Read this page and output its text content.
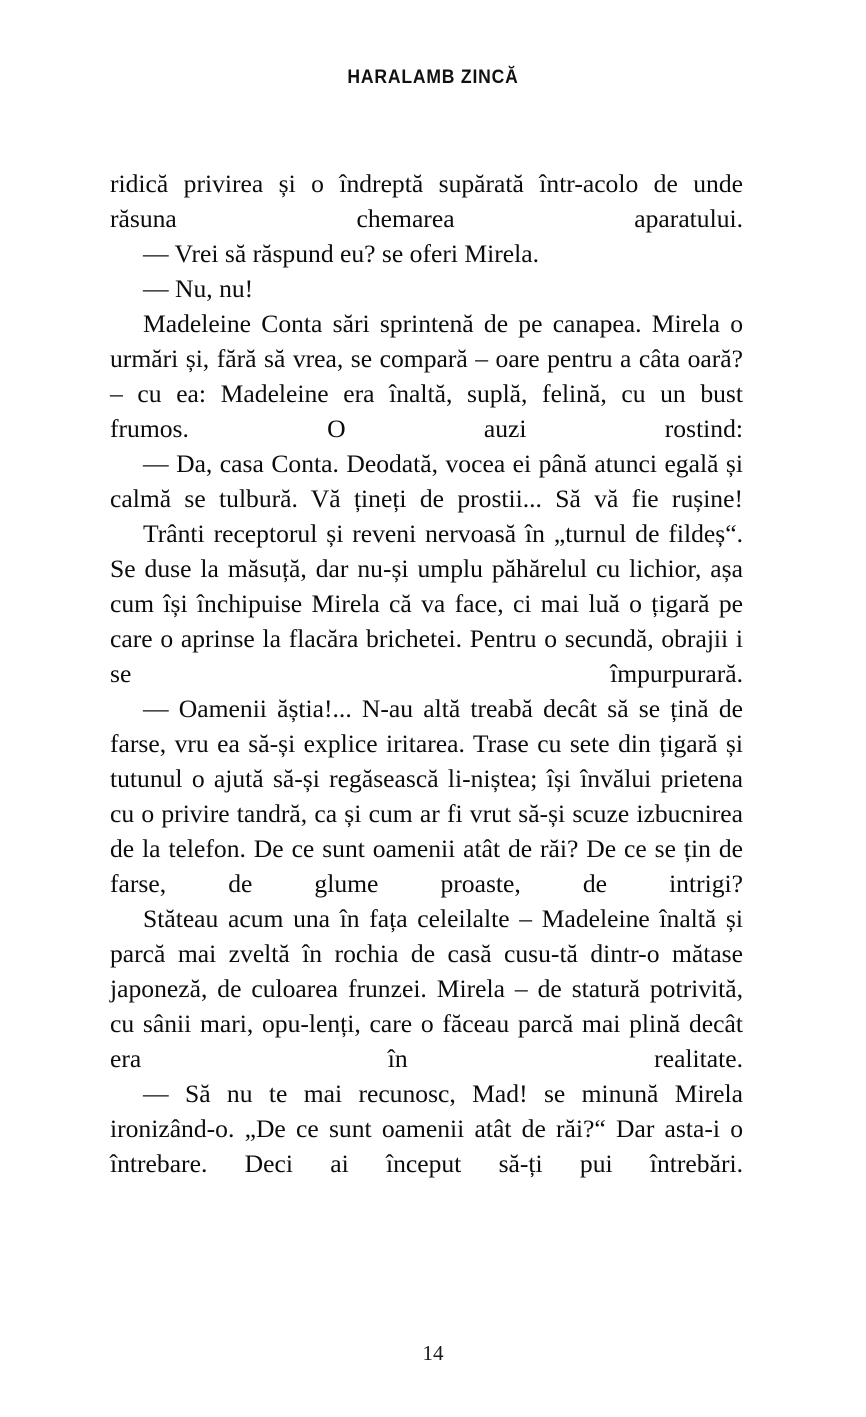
HARALAMB ZINCĂ

ridică privirea și o îndreptă supărată într-acolo de unde răsuna chemarea aparatului.

— Vrei să răspund eu? se oferi Mirela.

— Nu, nu!

Madeleine Conta sări sprintenă de pe canapea. Mirela o urmări și, fără să vrea, se compară – oare pentru a câta oară? – cu ea: Madeleine era înaltă, suplă, felină, cu un bust frumos. O auzi rostind:

— Da, casa Conta. Deodată, vocea ei până atunci egală și calmă se tulbură. Vă țineți de prostii... Să vă fie rușine!

Trânti receptorul și reveni nervoasă în „turnul de fildeș“. Se duse la măsuță, dar nu-și umplu păhărelul cu lichior, așa cum își închipuise Mirela că va face, ci mai luă o țigară pe care o aprinse la flacăra brichetei. Pentru o secundă, obrajii i se împurpurară.

— Oamenii ăștia!... N-au altă treabă decât să se țină de farse, vru ea să-și explice iritarea. Trase cu sete din țigară și tutunul o ajută să-și regăsească li-niștea; își învălui prietena cu o privire tandră, ca și cum ar fi vrut să-și scuze izbucnirea de la telefon. De ce sunt oamenii atât de răi? De ce se țin de farse, de glume proaste, de intrigi?

Stăteau acum una în fața celeilalte – Madeleine înaltă și parcă mai zveltă în rochia de casă cusu-tă dintr-o mătase japoneză, de culoarea frunzei. Mirela – de statură potrivită, cu sânii mari, opu-lenți, care o făceau parcă mai plină decât era în realitate.

— Să nu te mai recunosc, Mad! se minună Mirela ironizând-o. „De ce sunt oamenii atât de răi?“ Dar asta-i o întrebare. Deci ai început să-ți pui întrebări.

14
